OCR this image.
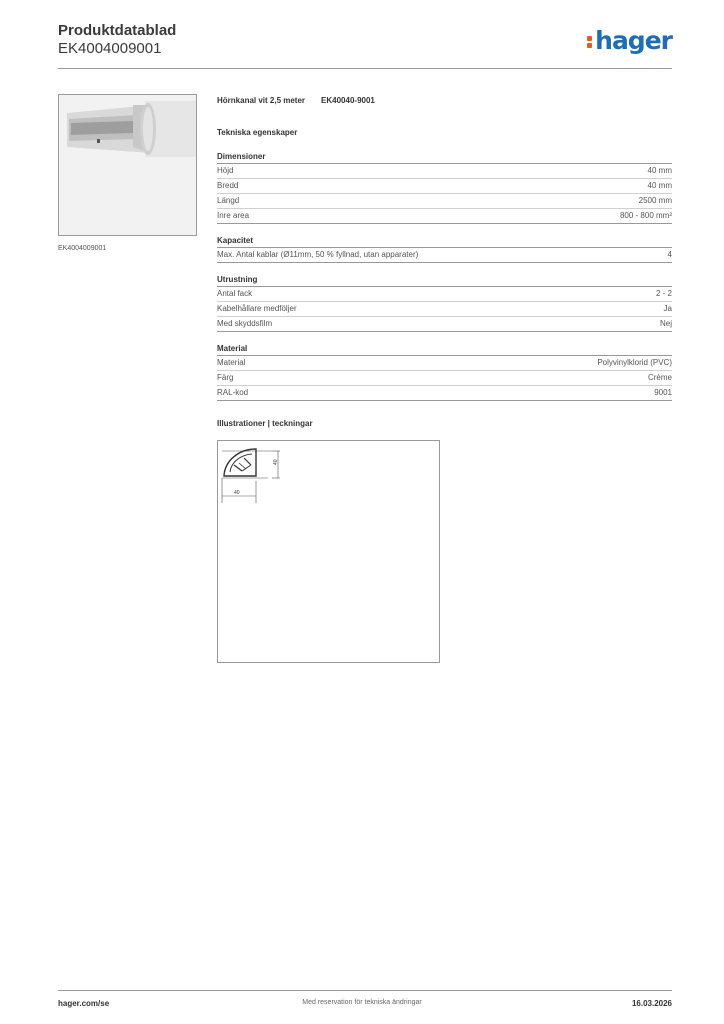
Produktdatablad
EK4004009001	hager
EK4004009001
Hörnkanal vit 2,5 meter EK40040-9001
Tekniska egenskaper
Dimensioner
Höjd	40 mm
Bredd	40 mm
Längd	2500 mm
Inre area	800 - 800 mm²
Kapacitet
Max. Antal kablar (Ø11mm, 50 % fyllnad, utan apparater)	4
Utrustning
Antal fack	2 - 2
Kabelhållare medföljer	Ja
Med skyddsfilm	Nej
Material
Material	Polyvinylklorid (PVC)
Färg	Crème
RAL-kod	9001
Illustrationer | teckningar
40
40
hager.com/se	Med reservation för tekniska ändringar	16.03.2026
